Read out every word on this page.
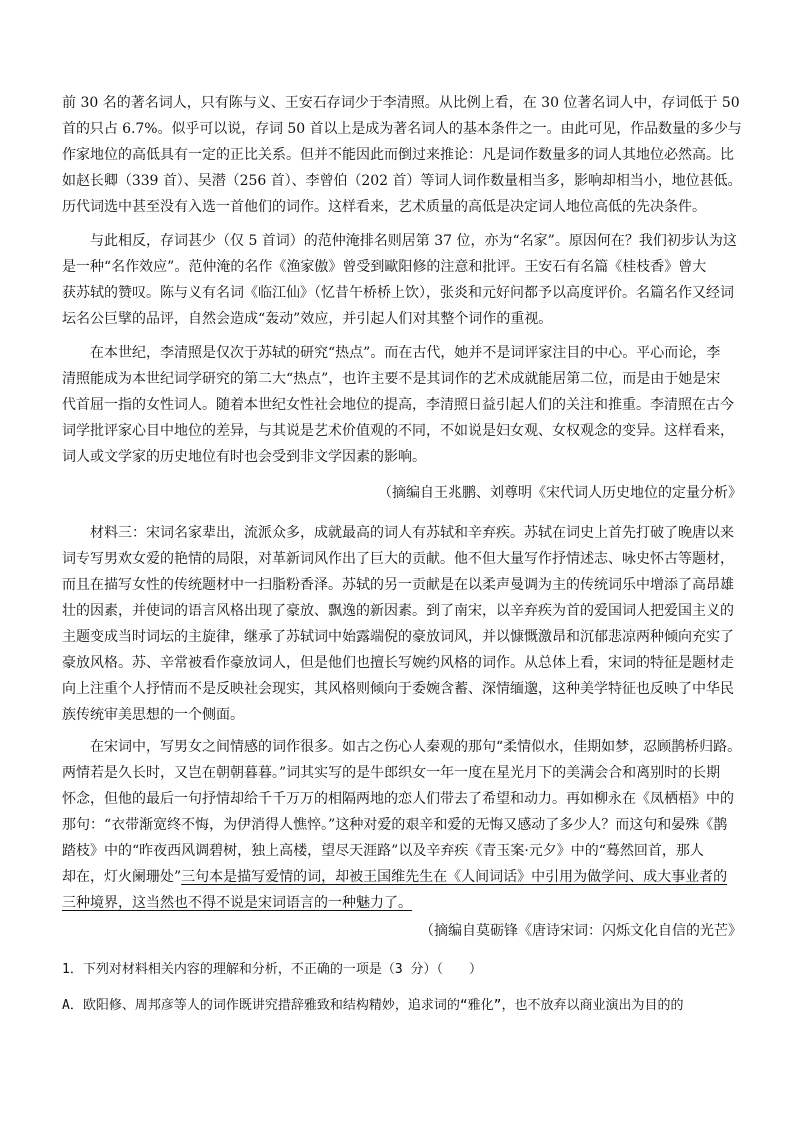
前 30 名的著名词人，只有陈与义、王安石存词少于李清照。从比例上看，在 30 位著名词人中，存词低于 50
首的只占 6.7%。似乎可以说，存词 50 首以上是成为著名词人的基本条件之一。由此可见，作品数量的多少与
作家地位的高低具有一定的正比关系。但并不能因此而倒过来推论：凡是词作数量多的词人其地位必然高。比
如赵长卿（339 首）、吴潜（256 首）、李曾伯（202 首）等词人词作数量相当多，影响却相当小，地位甚低。
历代词选中甚至没有入选一首他们的词作。这样看来，艺术质量的高低是决定词人地位高低的先决条件。
与此相反，存词甚少（仅 5 首词）的范仲淹排名则居第 37 位，亦为“名家”。原因何在？我们初步认为这
是一种“名作效应”。范仲淹的名作《渔家傲》曾受到歐阳修的注意和批评。王安石有名篇《桂枝香》曾大
获苏轼的赞叹。陈与义有名词《临江仙》（忆昔午桥桥上饮），张炎和元好问都予以高度评价。名篇名作又经词
坛名公巨擘的品评，自然会造成“轰动”效应，并引起人们对其整个词作的重视。
在本世纪，李清照是仅次于苏轼的研究“热点”。而在古代，她并不是词评家注目的中心。平心而论，李
清照能成为本世纪词学研究的第二大“热点”，也许主要不是其词作的艺术成就能居第二位，而是由于她是宋
代首屈一指的女性词人。随着本世纪女性社会地位的提高，李清照日益引起人们的关注和推重。李清照在古今
词学批评家心目中地位的差异，与其说是艺术价值观的不同，不如说是妇女观、女权观念的变异。这样看来，
词人或文学家的历史地位有时也会受到非文学因素的影响。

（摘编自王兆鹏、刘尊明《宋代词人历史地位的定量分析》

材料三：宋词名家辈出，流派众多，成就最高的词人有苏轼和辛弃疾。苏轼在词史上首先打破了晚唐以来
词专写男欢女爱的艳情的局限，对革新词风作出了巨大的贡献。他不但大量写作抒情述志、咏史怀古等题材，
而且在描写女性的传统题材中一扫脂粉香泽。苏轼的另一贡献是在以柔声曼调为主的传统词乐中增添了高昂雄
壮的因素，并使词的语言风格出现了豪放、飘逸的新因素。到了南宋，以辛弃疾为首的爱国词人把爱国主义的
主题变成当时词坛的主旋律，继承了苏轼词中始露端倪的豪放词风，并以慷慨激昂和沉郁悲凉两种倾向充实了
豪放风格。苏、辛常被看作豪放词人，但是他们也擅长写婉约风格的词作。从总体上看，宋词的特征是题材走
向上注重个人抒情而不是反映社会现实，其风格则倾向于委婉含蓄、深情缅邈，这种美学特征也反映了中华民
族传统审美思想的一个侧面。
在宋词中，写男女之间情感的词作很多。如古之伤心人秦观的那句“柔情似水，佳期如梦，忍顾鹊桥归路。
两情若是久长时，又岂在朝朝暮暮。”词其实写的是牛郎织女一年一度在星光月下的美满会合和离别时的长期
怀念，但他的最后一句抒情却给千千万万的相隔两地的恋人们带去了希望和动力。再如柳永在《凤栖梧》中的
那句：“衣带渐宽终不悔，为伊消得人憔悴。”这种对爱的艰辛和爱的无悔又感动了多少人？而这句和晏殊《鹊
踏枝》中的“昨夜西风调碧树，独上高楼，望尽天涯路”以及辛弃疾《青玉案·元夕》中的“蓦然回首，那人
却在，灯火阑珊处”三句本是描写爱情的词，却被王国维先生在《人间词话》中引用为做学问、成大事业者的
三种境界，这当然也不得不说是宋词语言的一种魅力了。

（摘编自莫砺锋《唐诗宋词：闪烁文化自信的光芒》

1．下列对材料相关内容的理解和分析，不正确的一项是（3 分）（　　）

A．欧阳修、周邦彦等人的词作既讲究措辞雅致和结构精妙，追求词的“雅化”，也不放弃以商业演出为目的的
